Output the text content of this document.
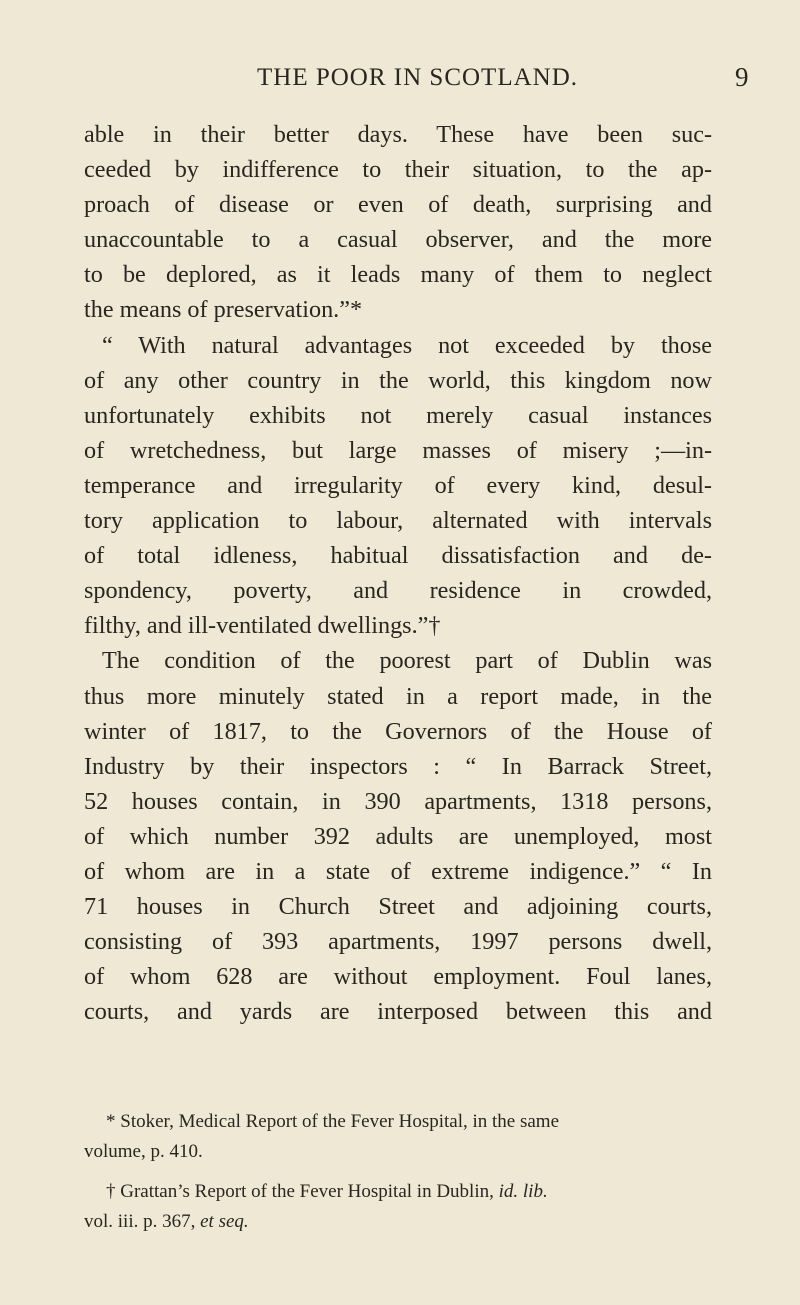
THE POOR IN SCOTLAND.	9
able in their better days. These have been suc-
ceeded by indifference to their situation, to the ap-
proach of disease or even of death, surprising and
unaccountable to a casual observer, and the more
to be deplored, as it leads many of them to neglect
the means of preservation.”*
“ With natural advantages not exceeded by those
of any other country in the world, this kingdom now
unfortunately exhibits not merely casual instances
of wretchedness, but large masses of misery ;—in-
temperance and irregularity of every kind, desul-
tory application to labour, alternated with intervals
of total idleness, habitual dissatisfaction and de-
spondency, poverty, and residence in crowded,
filthy, and ill-ventilated dwellings.”†
The condition of the poorest part of Dublin was
thus more minutely stated in a report made, in the
winter of 1817, to the Governors of the House of
Industry by their inspectors : “ In Barrack Street,
52 houses contain, in 390 apartments, 1318 persons,
of which number 392 adults are unemployed, most
of whom are in a state of extreme indigence.” “ In
71 houses in Church Street and adjoining courts,
consisting of 393 apartments, 1997 persons dwell,
of whom 628 are without employment. Foul lanes,
courts, and yards are interposed between this and
* Stoker, Medical Report of the Fever Hospital, in the same
volume, p. 410.
† Grattan’s Report of the Fever Hospital in Dublin, id. lib.
vol. iii. p. 367, et seq.
